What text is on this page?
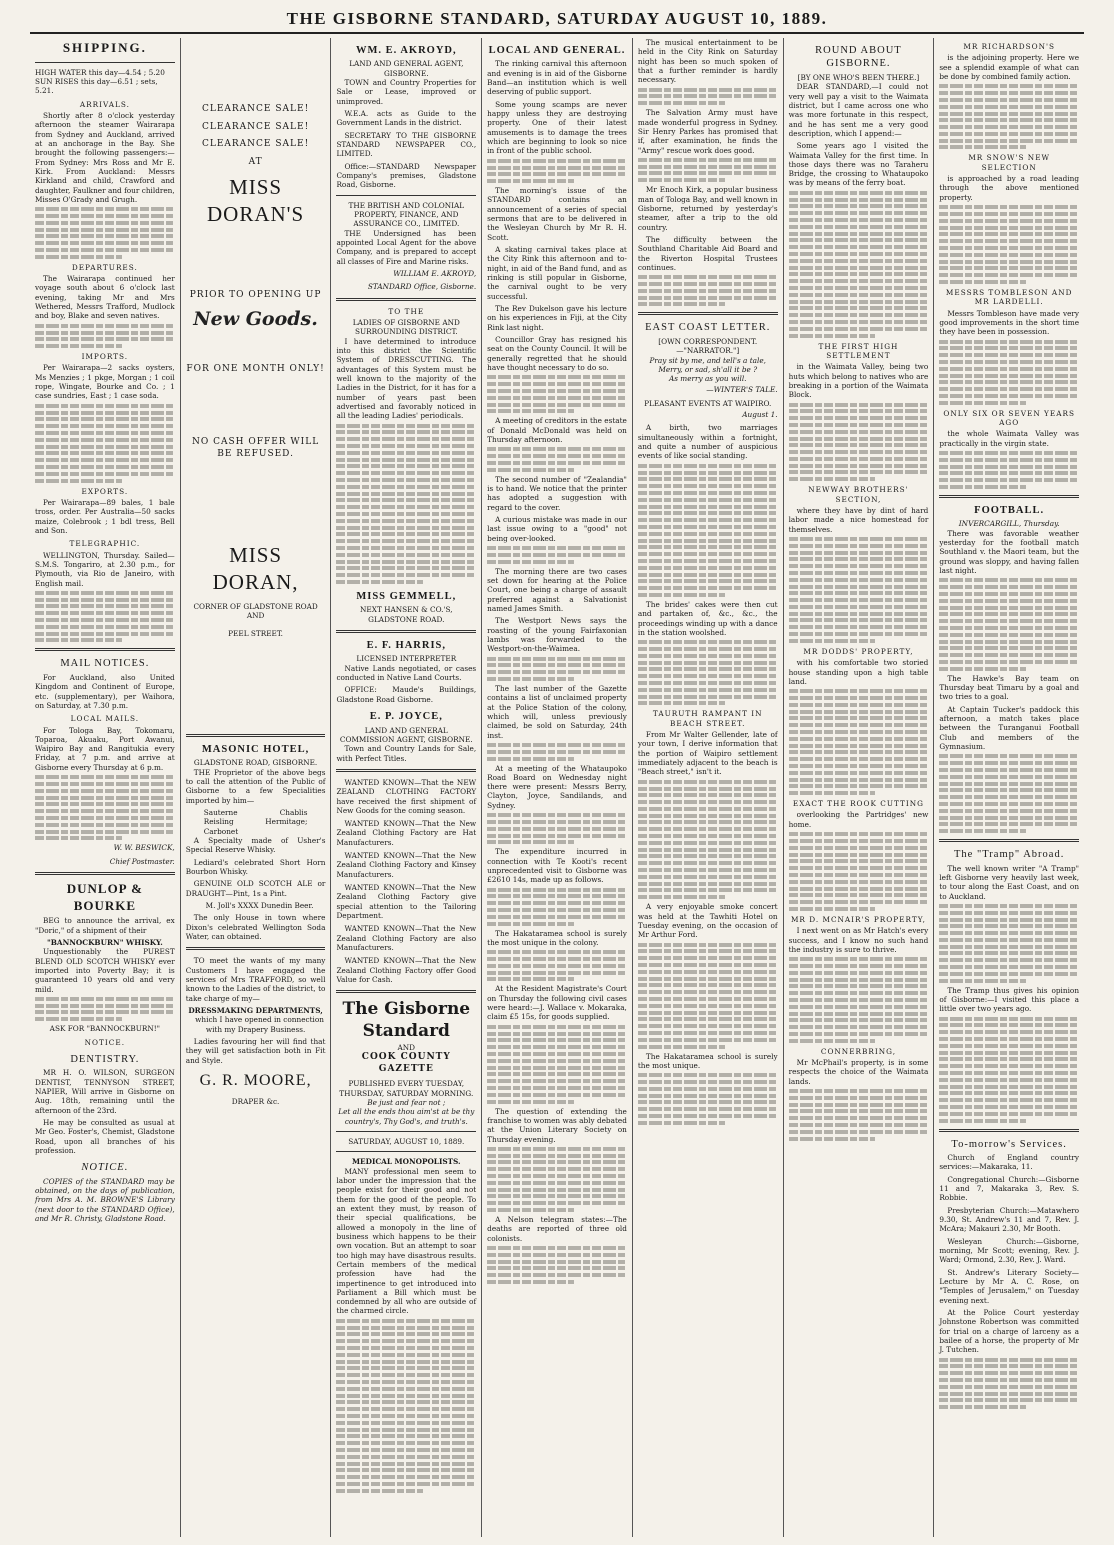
THE GISBORNE STANDARD, SATURDAY AUGUST 10, 1889.
SHIPPING.
HIGH WATER this day—4.54 ; 5.20
SUN RISES this day—6.51 ; sets, 5.21.
ARRIVALS.

Shortly after 8 o'clock yesterday afternoon the steamer Wairarapa from Sydney and Auckland, arrived at an anchorage in the Bay. She brought the following passengers:—From Sydney: Mrs Ross and Mr E. Kirk. From Auckland: Messrs Kirkland and child, Crawford and daughter, Faulkner and four children, Misses O'Grady and Grugh.

DEPARTURES.

The Wairarapa continued her voyage south about 6 o'clock last evening, taking Mr and Mrs Wethered, Messrs Trafford, Mudlock and boy, Blake and seven natives.

IMPORTS.

Per Wairarapa—2 sacks oysters, Ms Menzies ; 1 pkge, Morgan ; 1 coil rope, Wingate, Bourke and Co. ; 1 case sundries, East ; 1 case soda.

EXPORTS.

Per Wairarapa—89 bales, 1 bale tross, order. Per Australia—50 sacks maize, Colebrook ; 1 bdl tress, Bell and Son.

TELEGRAPHIC.

WELLINGTON, Thursday. Sailed—S.M.S. Tongariro, at 2.30 p.m., for Plymouth, via Rio de Janeiro, with English mail.

MAIL NOTICES.

For Auckland, also United Kingdom and Continent of Europe, etc. (supplementary), per Waihora, on Saturday, at 7.30 p.m.

LOCAL MAILS.

For Tologa Bay, Tokomaru, Toparoa, Akuaku, Port Awanui, Waipiro Bay and Rangitukia every Friday, at 7 p.m. and arrive at Gisborne every Thursday at 6 p.m.

W. W. BESWICK,
Chief Postmaster.
DUNLOP & BOURKE

BEG to announce the arrival, ex "Doric," of a shipment of their

"BANNOCKBURN" WHISKY.

Unquestionably the PUREST BLEND OLD SCOTCH WHISKY ever imported into Poverty Bay; it is guaranteed 10 years old and very mild.

ASK FOR "BANNOCKBURN!"
NOTICE.
DENTISTRY.

MR H. O. WILSON, SURGEON DENTIST, TENNYSON STREET, NAPIER, Will arrive in Gisborne on Aug. 18th, remaining until the afternoon of the 23rd.

He may be consulted as usual at Mr Geo. Foster's, Chemist, Gladstone Road, upon all branches of his profession.

NOTICE.

COPIES of the STANDARD may be obtained, on the days of publication, from Mrs A. M. BROWNE'S Library (next door to the STANDARD Office), and Mr R. Christy, Gladstone Road.

CLEARANCE SALE!
CLEARANCE SALE!
CLEARANCE SALE!
AT
MISS DORAN'S
PRIOR TO OPENING UP
New Goods.
FOR ONE MONTH ONLY!
NO CASH OFFER WILL BE REFUSED.
MISS DORAN,
CORNER OF GLADSTONE ROAD AND
PEEL STREET.
MASONIC HOTEL,
GLADSTONE ROAD, GISBORNE.

THE Proprietor of the above begs to call the attention of the Public of Gisborne to a few Specialities imported by him—

Sauterne	Chablis
Reisling	Hermitage;
Carbonet

A Specialty made of Usher's Special Reserve Whisky.

Lediard's celebrated Short Horn Bourbon Whisky.

GENUINE OLD SCOTCH ALE or DRAUGHT—Pint, 1s a Pint.

M. Joll's XXXX Dunedin Beer.

The only House in town where Dixon's celebrated Wellington Soda Water, can obtained.

TO meet the wants of my many Customers I have engaged the services of Mrs TRAFFORD, so well known to the Ladies of the district, to take charge of my—

DRESSMAKING DEPARTMENTS,

which I have opened in connection with my Drapery Business.

Ladies favouring her will find that they will get satisfaction both in Fit and Style.

G. R. MOORE,
DRAPER &c.
WM. E. AKROYD,
LAND AND GENERAL AGENT, GISBORNE.

TOWN and Country Properties for Sale or Lease, improved or unimproved.

W.E.A. acts as Guide to the Government Lands in the district.

SECRETARY TO THE GISBORNE STANDARD NEWSPAPER CO., LIMITED.

Office:—STANDARD Newspaper Company's premises, Gladstone Road, Gisborne.

THE BRITISH AND COLONIAL PROPERTY, FINANCE, AND ASSURANCE CO., LIMITED.

THE Undersigned has been appointed Local Agent for the above Company, and is prepared to accept all classes of Fire and Marine risks.

WILLIAM E. AKROYD,
STANDARD Office, Gisborne.
TO THE
LADIES OF GISBORNE AND SURROUNDING DISTRICT.

I have determined to introduce into this district the Scientific System of DRESSCUTTING. The advantages of this System must be well known to the majority of the Ladies in the District, for it has for a number of years past been advertised and favorably noticed in all the leading Ladies' periodicals.

MISS GEMMELL,
NEXT HANSEN & CO.'S, GLADSTONE ROAD.
E. F. HARRIS,
LICENSED INTERPRETER

Native Lands negotiated, or cases conducted in Native Land Courts.

OFFICE: Maude's Buildings, Gladstone Road Gisborne.

E. P. JOYCE,
LAND AND GENERAL COMMISSION AGENT, GISBORNE.

Town and Country Lands for Sale, with Perfect Titles.

WANTED KNOWN—That the NEW ZEALAND CLOTHING FACTORY have received the first shipment of New Goods for the coming season.

WANTED KNOWN—That the New Zealand Clothing Factory are Hat Manufacturers.

WANTED KNOWN—That the New Zealand Clothing Factory and Kinsey Manufacturers.

WANTED KNOWN—That the New Zealand Clothing Factory give special attention to the Tailoring Department.

WANTED KNOWN—That the New Zealand Clothing Factory are also Manufacturers.

WANTED KNOWN—That the New Zealand Clothing Factory offer Good Value for Cash.

The Gisborne Standard
AND
COOK COUNTY GAZETTE
PUBLISHED EVERY TUESDAY, THURSDAY, SATURDAY MORNING.
Be just and fear not ;
Let all the ends thou aim'st at be thy country's, Thy God's, and truth's.
SATURDAY, AUGUST 10, 1889.
MEDICAL MONOPOLISTS.

MANY professional men seem to labor under the impression that the people exist for their good and not them for the good of the people. To an extent they must, by reason of their special qualifications, be allowed a monopoly in the line of business which happens to be their own vocation. But an attempt to soar too high may have disastrous results. Certain members of the medical profession have had the impertinence to get introduced into Parliament a Bill which must be condemned by all who are outside of the charmed circle.

LOCAL AND GENERAL.

The rinking carnival this afternoon and evening is in aid of the Gisborne Band—an institution which is well deserving of public support.

Some young scamps are never happy unless they are destroying property. One of their latest amusements is to damage the trees which are beginning to look so nice in front of the public school.

The morning's issue of the STANDARD contains an announcement of a series of special sermons that are to be delivered in the Wesleyan Church by Mr R. H. Scott.

A skating carnival takes place at the City Rink this afternoon and to-night, in aid of the Band fund, and as rinking is still popular in Gisborne, the carnival ought to be very successful.

The Rev Dukelson gave his lecture on his experiences in Fiji, at the City Rink last night.

Councillor Gray has resigned his seat on the County Council. It will be generally regretted that he should have thought necessary to do so.

A meeting of creditors in the estate of Donald McDonald was held on Thursday afternoon.

The second number of "Zealandia" is to hand. We notice that the printer has adopted a suggestion with regard to the cover.

A curious mistake was made in our last issue owing to a "good" not being over-looked.

The morning there are two cases set down for hearing at the Police Court, one being a charge of assault preferred against a Salvationist named James Smith.

The Westport News says the roasting of the young Fairfaxonian lambs was forwarded to the Westport-on-the-Waimea.

The last number of the Gazette contains a list of unclaimed property at the Police Station of the colony, which will, unless previously claimed, be sold on Saturday, 24th inst.

At a meeting of the Whataupoko Road Board on Wednesday night there were present: Messrs Berry, Clayton, Joyce, Sandilands, and Sydney.

The expenditure incurred in connection with Te Kooti's recent unprecedented visit to Gisborne was £2610 14s, made up as follows.

The Hakataramea school is surely the most unique in the colony.

At the Resident Magistrate's Court on Thursday the following civil cases were heard:—J. Wallace v. Mokaraka, claim £5 15s, for goods supplied.

The question of extending the franchise to women was ably debated at the Union Literary Society on Thursday evening.

A Nelson telegram states:—The deaths are reported of three old colonists.

The musical entertainment to be held in the City Rink on Saturday night has been so much spoken of that a further reminder is hardly necessary.

The Salvation Army must have made wonderful progress in Sydney. Sir Henry Parkes has promised that if, after examination, he finds the "Army" rescue work does good.

Mr Enoch Kirk, a popular business man of Tologa Bay, and well known in Gisborne, returned by yesterday's steamer, after a trip to the old country.

The difficulty between the Southland Charitable Aid Board and the Riverton Hospital Trustees continues.

EAST COAST LETTER.
[OWN CORRESPONDENT.—"NARRATOR."]
Pray sit by me, and tell's a tale,
Merry, or sad, sh'all it be ?
As merry as you will.
—WINTER'S TALE.
PLEASANT EVENTS AT WAIPIRO.
August 1.

A birth, two marriages simultaneously within a fortnight, and quite a number of auspicious events of like social standing.

The brides' cakes were then cut and partaken of, &c., &c., the proceedings winding up with a dance in the station woolshed.

TAURUTH RAMPANT IN BEACH STREET.

From Mr Walter Gellender, late of your town, I derive information that the portion of Waipiro settlement immediately adjacent to the beach is "Beach street," isn't it.

A very enjoyable smoke concert was held at the Tawhiti Hotel on Tuesday evening, on the occasion of Mr Arthur Ford.

The Hakataramea school is surely the most unique.

ROUND ABOUT GISBORNE.
[BY ONE WHO'S BEEN THERE.]

DEAR STANDARD,—I could not very well pay a visit to the Waimata district, but I came across one who was more fortunate in this respect, and he has sent me a very good description, which I append:—

Some years ago I visited the Waimata Valley for the first time. In those days there was no Taraheru Bridge, the crossing to Whataupoko was by means of the ferry boat.

THE FIRST HIGH SETTLEMENT

in the Waimata Valley, being two huts which belong to natives who are breaking in a portion of the Waimata Block.

NEWWAY BROTHERS' SECTION,

where they have by dint of hard labor made a nice homestead for themselves.

MR DODDS' PROPERTY,

with his comfortable two storied house standing upon a high table land.

EXACT THE ROOK CUTTING

overlooking the Partridges' new home.

MR D. MCNAIR'S PROPERTY,

I next went on as Mr Hatch's every success, and I know no such hand the industry is sure to thrive.

CONNERBRING,

Mr McPhail's property, is in some respects the choice of the Waimata lands.

MR RICHARDSON'S

is the adjoining property. Here we see a splendid example of what can be done by combined family action.

MR SNOW'S NEW SELECTION

is approached by a road leading through the above mentioned property.

MESSRS TOMBLESON AND MR LARDELLI.

Messrs Tombleson have made very good improvements in the short time they have been in possession.

ONLY SIX OR SEVEN YEARS AGO

the whole Waimata Valley was practically in the virgin state.

FOOTBALL.
INVERCARGILL, Thursday.

There was favorable weather yesterday for the football match Southland v. the Maori team, but the ground was sloppy, and having fallen last night.

The Hawke's Bay team on Thursday beat Timaru by a goal and two tries to a goal.

At Captain Tucker's paddock this afternoon, a match takes place between the Turanganui Football Club and members of the Gymnasium.

The "Tramp" Abroad.

The well known writer "A Tramp" left Gisborne very heavily last week, to tour along the East Coast, and on to Auckland.

The Tramp thus gives his opinion of Gisborne:—I visited this place a little over two years ago.

To-morrow's Services.

Church of England country services:—Makaraka, 11.

Congregational Church:—Gisborne 11 and 7, Makaraka 3, Rev. S. Robbie.

Presbyterian Church:—Matawhero 9.30, St. Andrew's 11 and 7, Rev. J. McAra; Makauri 2.30, Mr Booth.

Wesleyan Church:—Gisborne, morning, Mr Scott; evening, Rev. J. Ward; Ormond, 2.30, Rev. J. Ward.

St. Andrew's Literary Society—Lecture by Mr A. C. Rose, on "Temples of Jerusalem," on Tuesday evening next.

At the Police Court yesterday Johnstone Robertson was committed for trial on a charge of larceny as a bailee of a horse, the property of Mr J. Tutchen.
